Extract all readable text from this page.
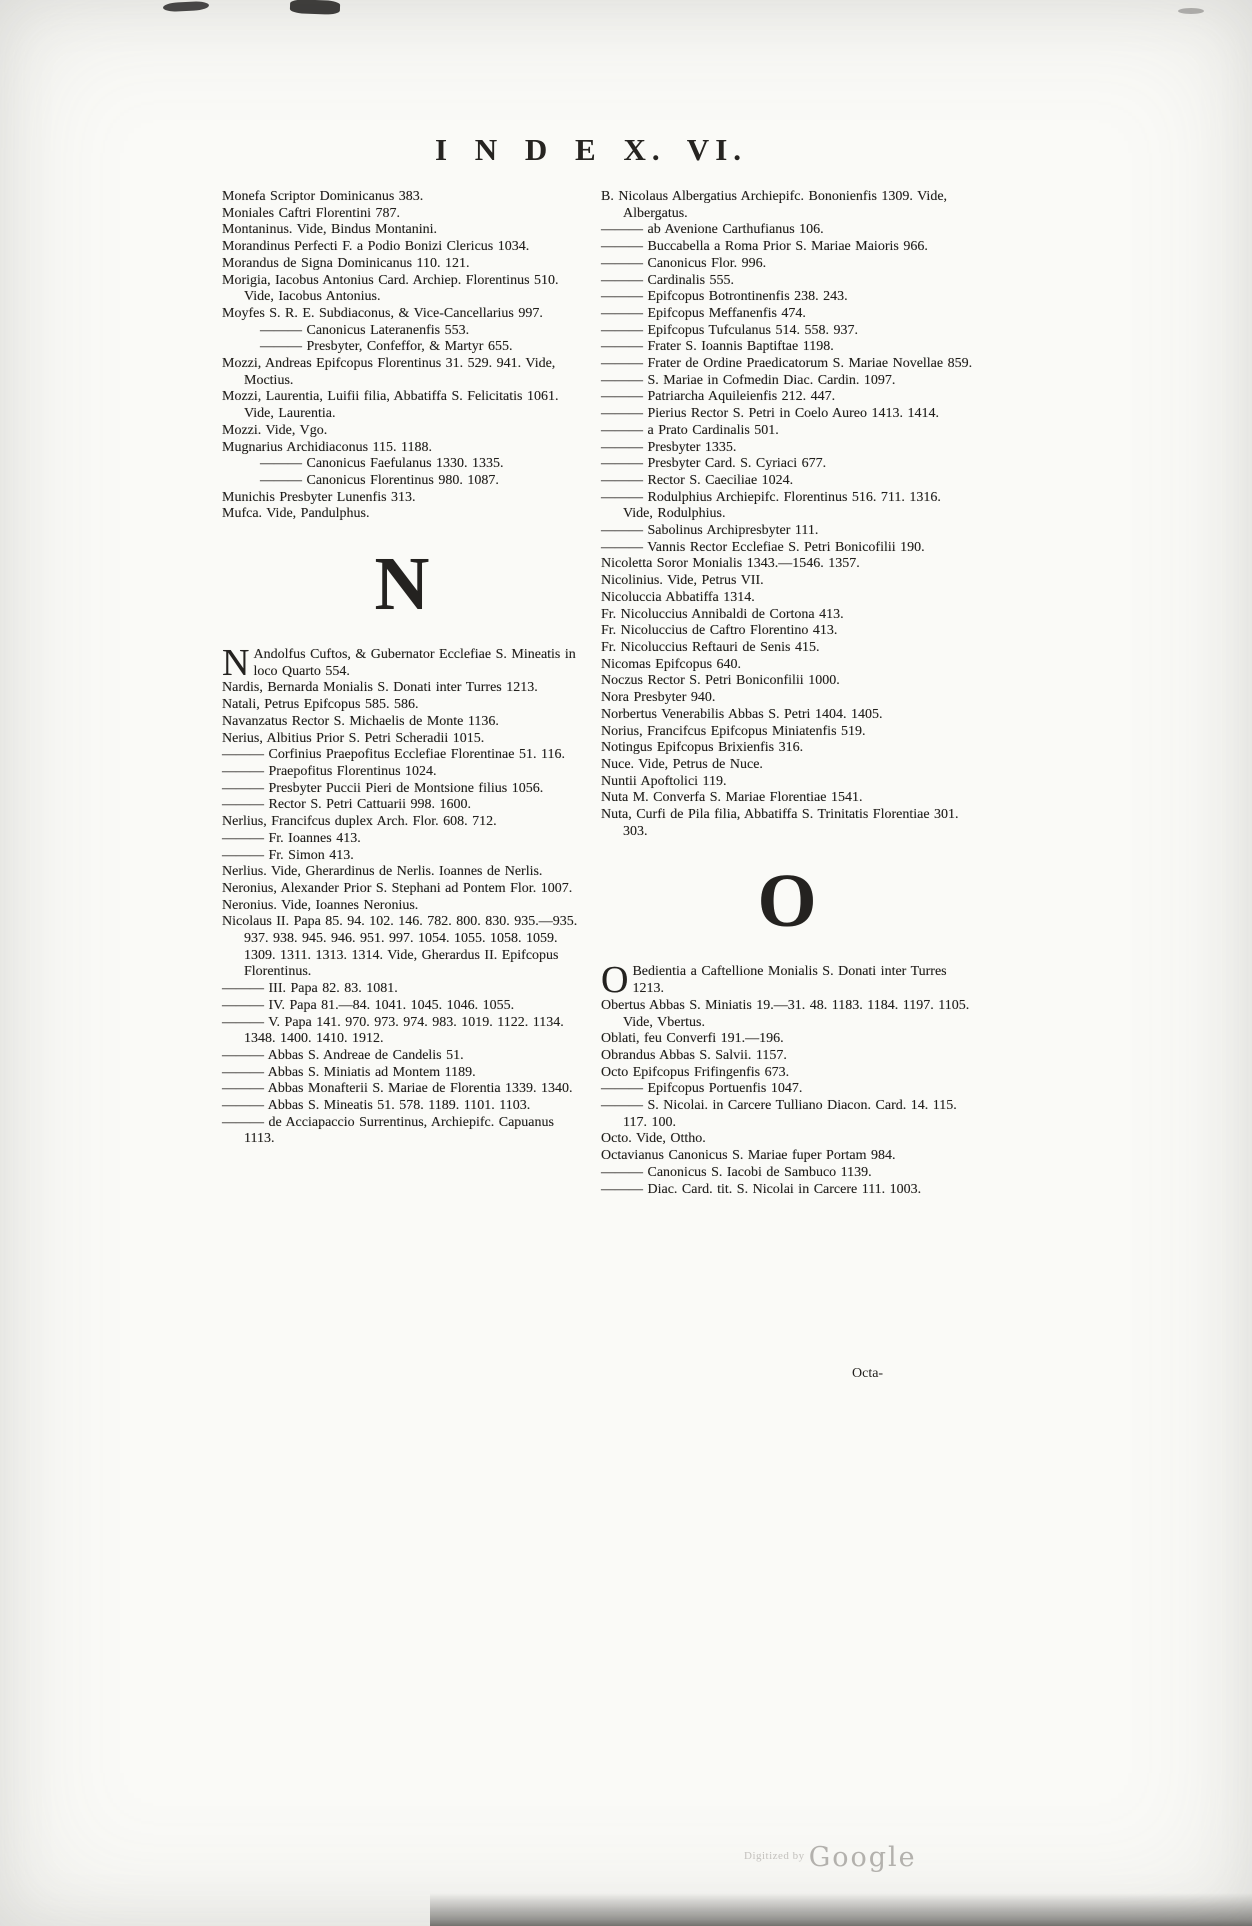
I N D E X. VI.

Monefa Scriptor Dominicanus 383.

Moniales Caftri Florentini 787.

Montaninus. Vide, Bindus Montanini.

Morandinus Perfecti F. a Podio Bonizi Clericus 1034.

Morandus de Signa Dominicanus 110. 121.

Morigia, Iacobus Antonius Card. Archiep. Florentinus 510. Vide, Iacobus Antonius.

Moyfes S. R. E. Subdiaconus, & Vice-Cancellarius 997.

——— Canonicus Lateranenfis 553.

——— Presbyter, Confeffor, & Martyr 655.

Mozzi, Andreas Epifcopus Florentinus 31. 529. 941. Vide, Moctius.

Mozzi, Laurentia, Luifii filia, Abbatiffa S. Felicitatis 1061. Vide, Laurentia.

Mozzi. Vide, Vgo.

Mugnarius Archidiaconus 115. 1188.

——— Canonicus Faefulanus 1330. 1335.

——— Canonicus Florentinus 980. 1087.

Munichis Presbyter Lunenfis 313.

Mufca. Vide, Pandulphus.

N

N Andolfus Cuftos, & Gubernator Ecclefiae S. Mineatis in loco Quarto 554.

Nardis, Bernarda Monialis S. Donati inter Turres 1213.

Natali, Petrus Epifcopus 585. 586.

Navanzatus Rector S. Michaelis de Monte 1136.

Nerius, Albitius Prior S. Petri Scheradii 1015.

——— Corfinius Praepofitus Ecclefiae Florentinae 51. 116.

——— Praepofitus Florentinus 1024.

——— Presbyter Puccii Pieri de Montsione filius 1056.

——— Rector S. Petri Cattuarii 998. 1600.

Nerlius, Francifcus duplex Arch. Flor. 608. 712.

——— Fr. Ioannes 413.

——— Fr. Simon 413.

Nerlius. Vide, Gherardinus de Nerlis. Ioannes de Nerlis.

Neronius, Alexander Prior S. Stephani ad Pontem Flor. 1007.

Neronius. Vide, Ioannes Neronius.

Nicolaus II. Papa 85. 94. 102. 146. 782. 800. 830. 935.—935. 937. 938. 945. 946. 951. 997. 1054. 1055. 1058. 1059. 1309. 1311. 1313. 1314. Vide, Gherardus II. Epifcopus Florentinus.

——— III. Papa 82. 83. 1081.

——— IV. Papa 81.—84. 1041. 1045. 1046. 1055.

——— V. Papa 141. 970. 973. 974. 983. 1019. 1122. 1134. 1348. 1400. 1410. 1912.

——— Abbas S. Andreae de Candelis 51.

——— Abbas S. Miniatis ad Montem 1189.

——— Abbas Monafterii S. Mariae de Florentia 1339. 1340.

——— Abbas S. Mineatis 51. 578. 1189. 1101. 1103.

——— de Acciapaccio Surrentinus, Archiepifc. Capuanus 1113.

B. Nicolaus Albergatius Archiepifc. Bononienfis 1309. Vide, Albergatus.

——— ab Avenione Carthufianus 106.

——— Buccabella a Roma Prior S. Mariae Maioris 966.

——— Canonicus Flor. 996.

——— Cardinalis 555.

——— Epifcopus Botrontinenfis 238. 243.

——— Epifcopus Meffanenfis 474.

——— Epifcopus Tufculanus 514. 558. 937.

——— Frater S. Ioannis Baptiftae 1198.

——— Frater de Ordine Praedicatorum S. Mariae Novellae 859.

——— S. Mariae in Cofmedin Diac. Cardin. 1097.

——— Patriarcha Aquileienfis 212. 447.

——— Pierius Rector S. Petri in Coelo Aureo 1413. 1414.

——— a Prato Cardinalis 501.

——— Presbyter 1335.

——— Presbyter Card. S. Cyriaci 677.

——— Rector S. Caeciliae 1024.

——— Rodulphius Archiepifc. Florentinus 516. 711. 1316. Vide, Rodulphius.

——— Sabolinus Archipresbyter 111.

——— Vannis Rector Ecclefiae S. Petri Bonicofilii 190.

Nicoletta Soror Monialis 1343.—1546. 1357.

Nicolinius. Vide, Petrus VII.

Nicoluccia Abbatiffa 1314.

Fr. Nicoluccius Annibaldi de Cortona 413.

Fr. Nicoluccius de Caftro Florentino 413.

Fr. Nicoluccius Reftauri de Senis 415.

Nicomas Epifcopus 640.

Noczus Rector S. Petri Boniconfilii 1000.

Nora Presbyter 940.

Norbertus Venerabilis Abbas S. Petri 1404. 1405.

Norius, Francifcus Epifcopus Miniatenfis 519.

Notingus Epifcopus Brixienfis 316.

Nuce. Vide, Petrus de Nuce.

Nuntii Apoftolici 119.

Nuta M. Converfa S. Mariae Florentiae 1541.

Nuta, Curfi de Pila filia, Abbatiffa S. Trinitatis Florentiae 301. 303.

O

O Bedientia a Caftellione Monialis S. Donati inter Turres 1213.

Obertus Abbas S. Miniatis 19.—31. 48. 1183. 1184. 1197. 1105. Vide, Vbertus.

Oblati, feu Converfi 191.—196.

Obrandus Abbas S. Salvii. 1157.

Octo Epifcopus Frifingenfis 673.

——— Epifcopus Portuenfis 1047.

——— S. Nicolai. in Carcere Tulliano Diacon. Card. 14. 115. 117. 100.

Octo. Vide, Ottho.

Octavianus Canonicus S. Mariae fuper Portam 984.

——— Canonicus S. Iacobi de Sambuco 1139.

——— Diac. Card. tit. S. Nicolai in Carcere 111. 1003.

Octa-
$^{Digitized by}$ Google
